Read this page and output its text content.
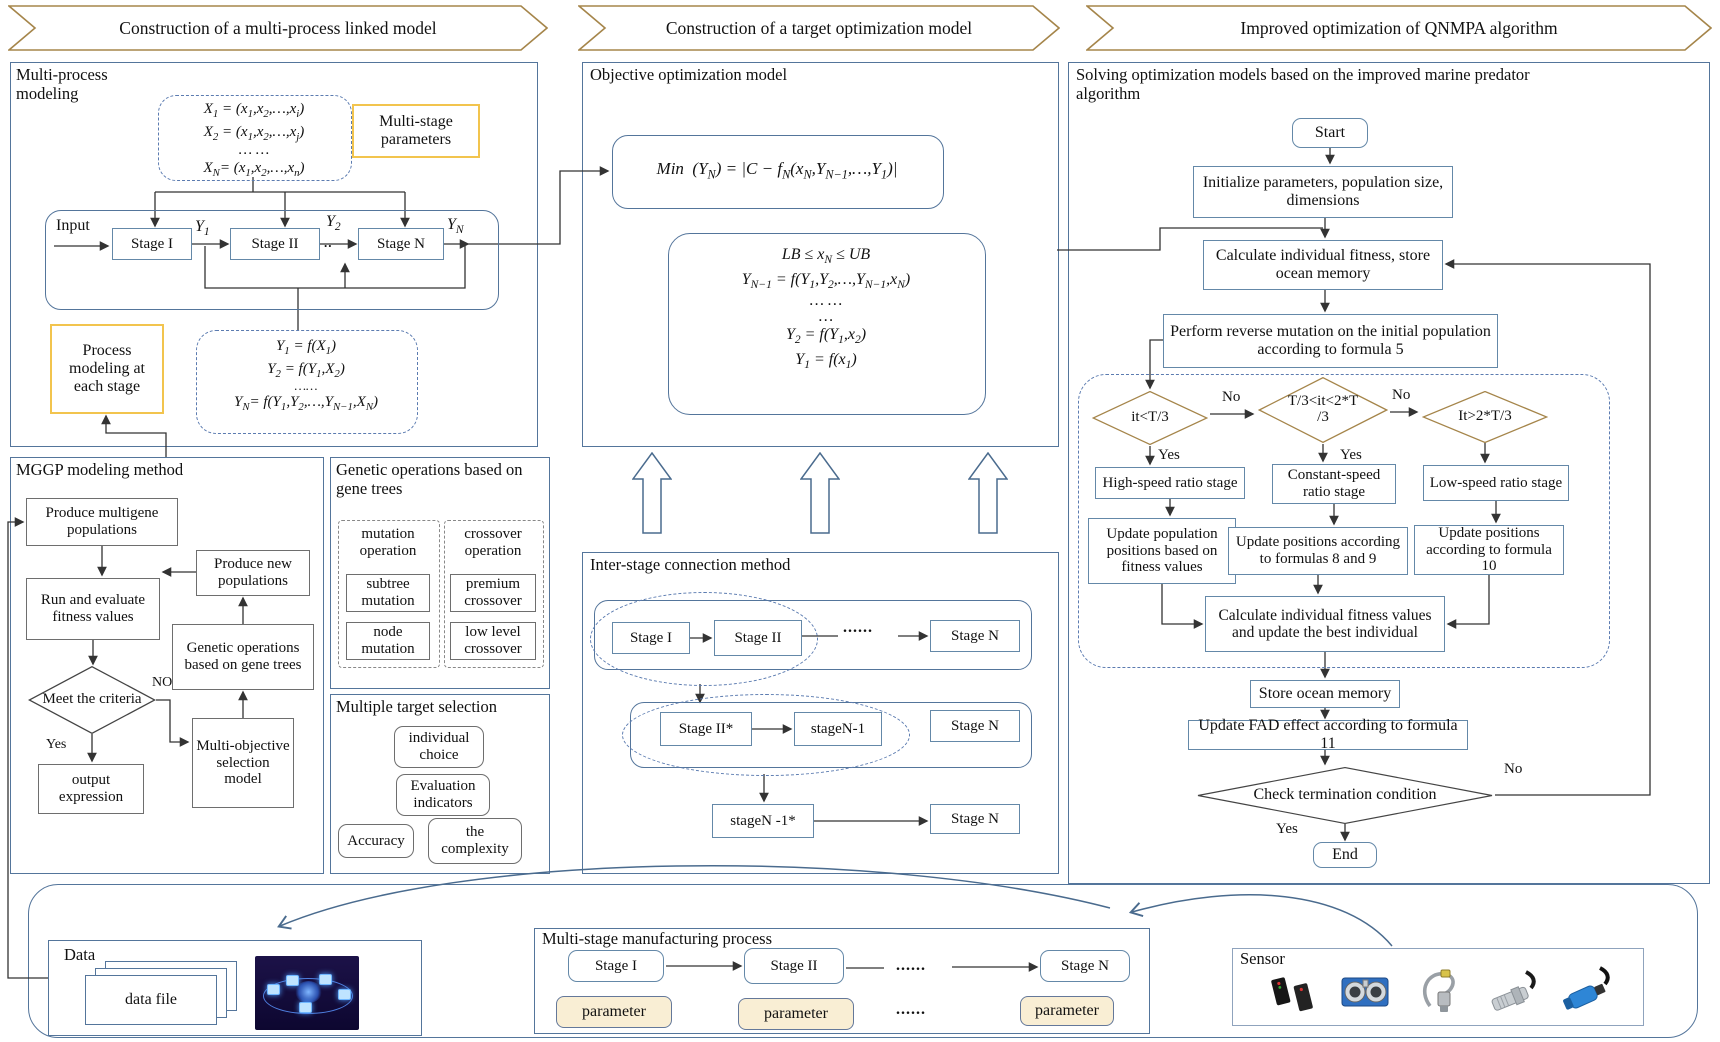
Construction of a multi-process linked model	Construction of a target optimization model	Improved optimization of QNMPA algorithm
Multi-process modeling
$X_1$ = $(x_1,x_2,\dots,x_i)$
$X_2$ = $(x_1,x_2,\dots,x_j)$
… …
$X_N=$ $(x_1,x_2,\dots,x_n)$
Multi-stage parameters
Input
Stage I
$Y_1$
Stage II
$Y_2$
..	Stage N
$Y_N$
Process modeling at each stage
$Y_1 = f(X_1)$
$Y_2 = f(Y_1,X_2)$
……
$Y_N=$ $f(Y_1,Y_2,\dots,Y_{N-1},X_N)$
MGGP modeling method
Produce multigene populations
Run and evaluate fitness values
Produce new populations
Genetic operations based on gene trees
Meet the criteria
NO
Yes
output expression
Multi-objective selection model
Genetic operations based on gene trees
mutation operation
subtree mutation
node mutation
crossover operation
premium crossover
low level crossover
Multiple target selection
individual choice
Evaluation indicators
Accuracy
the complexity
Objective optimization model
Min  $(Y_N) = |C$ − $f_N(x_N,Y_{N-1},\dots,Y_1)|$
LB ≤ $x_N$ ≤ UB
$Y_{N-1}$ = $f(Y_1,Y_2,\dots,Y_{N-1},x_N)$
… …
…
$Y_2 = f(Y_1,x_2)$
$Y_1 = f(x_1)$
Inter-stage connection method
Stage I	Stage II
......	Stage N
Stage II*	stageN-1	Stage N
stageN -1*	Stage N
Solving optimization models based on the improved marine predator algorithm
Start
Initialize parameters, population size, dimensions
Calculate individual fitness, store ocean memory
Perform reverse mutation on the initial population according to formula 5
it<T/3
T/3<it<2*T
/3	It>2*T/3
No	No
Yes	Yes
High-speed ratio stage	Constant-speed ratio stage
Low-speed ratio stage
Update population positions based on fitness values
Update positions according to formulas 8 and 9
Update positions according to formula 10
Calculate individual fitness values and update the best individual
Store ocean memory
Update FAD effect according to formula 11
Check termination condition
No
Yes
End
Data
data file
Multi-stage manufacturing process
Stage I	Stage II	......	Stage N
parameter	parameter	......	parameter
Sensor
